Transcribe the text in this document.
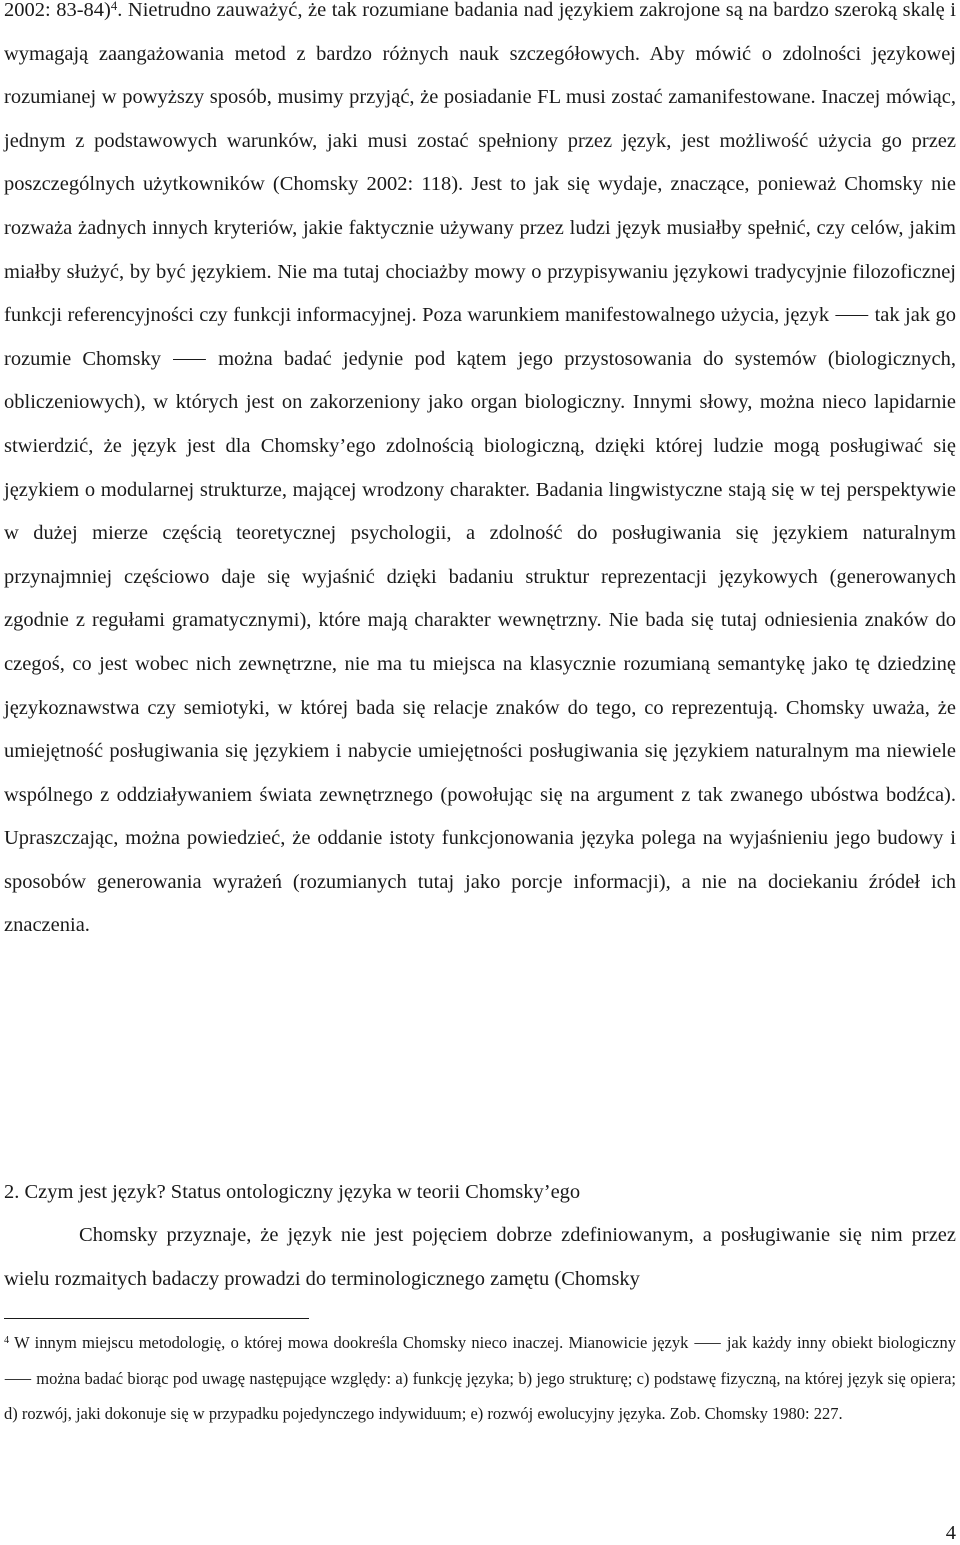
2002: 83-84)$^4$. Nietrudno zauważyć, że tak rozumiane badania nad językiem zakrojone są na bardzo szeroką skalę i wymagają zaangażowania metod z bardzo różnych nauk szczegółowych. Aby mówić o zdolności językowej rozumianej w powyższy sposób, musimy przyjąć, że posiadanie FL musi zostać zamanifestowane. Inaczej mówiąc, jednym z podstawowych warunków, jaki musi zostać spełniony przez język, jest możliwość użycia go przez poszczególnych użytkowników (Chomsky 2002: 118). Jest to jak się wydaje, znaczące, ponieważ Chomsky nie rozważa żadnych innych kryteriów, jakie faktycznie używany przez ludzi język musiałby spełnić, czy celów, jakim miałby służyć, by być językiem. Nie ma tutaj chociażby mowy o przypisywaniu językowi tradycyjnie filozoficznej funkcji referencyjności czy funkcji informacyjnej. Poza warunkiem manifestowalnego użycia, język ⸺ tak jak go rozumie Chomsky ⸺ można badać jedynie pod kątem jego przystosowania do systemów (biologicznych, obliczeniowych), w których jest on zakorzeniony jako organ biologiczny. Innymi słowy, można nieco lapidarnie stwierdzić, że język jest dla Chomsky’ego zdolnością biologiczną, dzięki której ludzie mogą posługiwać się językiem o modularnej strukturze, mającej wrodzony charakter. Badania lingwistyczne stają się w tej perspektywie w dużej mierze częścią teoretycznej psychologii, a zdolność do posługiwania się językiem naturalnym przynajmniej częściowo daje się wyjaśnić dzięki badaniu struktur reprezentacji językowych (generowanych zgodnie z regułami gramatycznymi), które mają charakter wewnętrzny. Nie bada się tutaj odniesienia znaków do czegoś, co jest wobec nich zewnętrzne, nie ma tu miejsca na klasycznie rozumianą semantykę jako tę dziedzinę językoznawstwa czy semiotyki, w której bada się relacje znaków do tego, co reprezentują. Chomsky uważa, że umiejętność posługiwania się językiem i nabycie umiejętności posługiwania się językiem naturalnym ma niewiele wspólnego z oddziaływaniem świata zewnętrznego (powołując się na argument z tak zwanego ubóstwa bodźca). Upraszczając, można powiedzieć, że oddanie istoty funkcjonowania języka polega na wyjaśnieniu jego budowy i sposobów generowania wyrażeń (rozumianych tutaj jako porcje informacji), a nie na dociekaniu źródeł ich znaczenia.

2. Czym jest język? Status ontologiczny języka w teorii Chomsky’ego

Chomsky przyznaje, że język nie jest pojęciem dobrze zdefiniowanym, a posługiwanie się nim przez wielu rozmaitych badaczy prowadzi do terminologicznego zamętu (Chomsky

$^4$ W innym miejscu metodologię, o której mowa dookreśla Chomsky nieco inaczej. Mianowicie język ⸺ jak każdy inny obiekt biologiczny ⸺ można badać biorąc pod uwagę następujące względy: a) funkcję języka; b) jego strukturę; c) podstawę fizyczną, na której język się opiera; d) rozwój, jaki dokonuje się w przypadku pojedynczego indywiduum; e) rozwój ewolucyjny języka. Zob. Chomsky 1980: 227.

4
